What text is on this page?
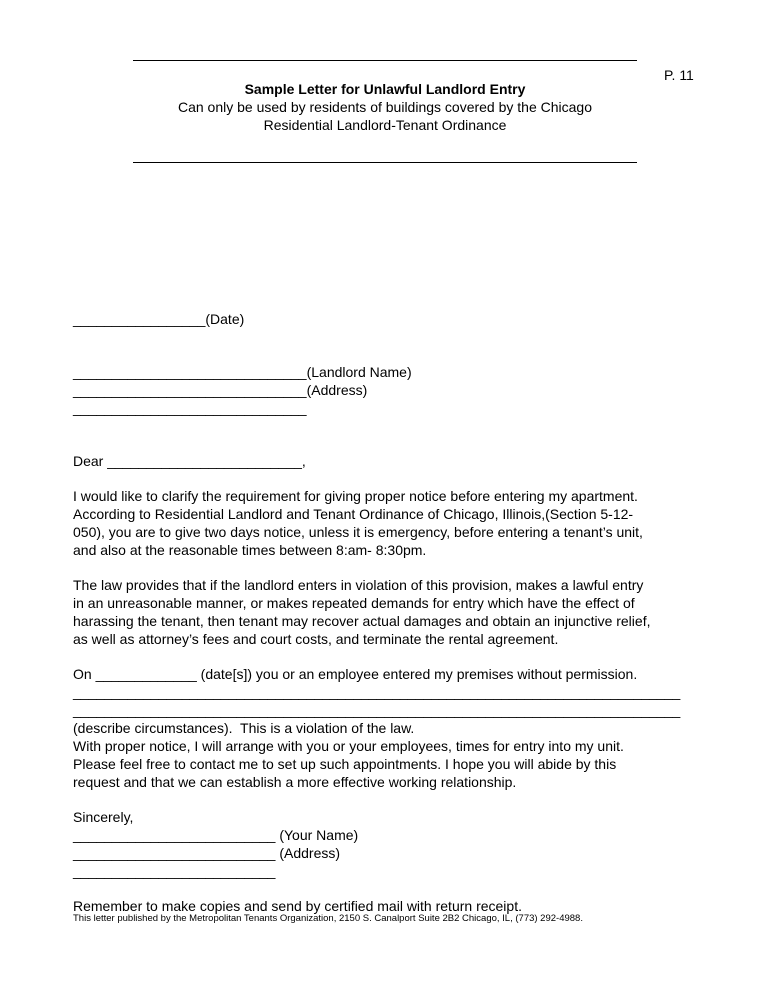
P. 11
Sample Letter for Unlawful Landlord Entry
Can only be used by residents of buildings covered by the Chicago
Residential Landlord-Tenant Ordinance
_________________(Date)
______________________________(Landlord Name)
______________________________(Address)
______________________________
Dear _________________________,
I would like to clarify the requirement for giving proper notice before entering my apartment.
According to Residential Landlord and Tenant Ordinance of Chicago, Illinois,(Section 5-12-
050), you are to give two days notice, unless it is emergency, before entering a tenant’s unit,
and also at the reasonable times between 8:am- 8:30pm.
The law provides that if the landlord enters in violation of this provision, makes a lawful entry
in an unreasonable manner, or makes repeated demands for entry which have the effect of
harassing the tenant, then tenant may recover actual damages and obtain an injunctive relief,
as well as attorney’s fees and court costs, and terminate the rental agreement.
On _____________ (date[s]) you or an employee entered my premises without permission.
______________________________________________________________________________
______________________________________________________________________________
(describe circumstances).  This is a violation of the law.
With proper notice, I will arrange with you or your employees, times for entry into my unit.
Please feel free to contact me to set up such appointments. I hope you will abide by this
request and that we can establish a more effective working relationship.
Sincerely,
__________________________ (Your Name)
__________________________ (Address)
__________________________
Remember to make copies and send by certified mail with return receipt.
This letter published by the Metropolitan Tenants Organization, 2150 S. Canalport Suite 2B2 Chicago, IL, (773) 292-4988.
